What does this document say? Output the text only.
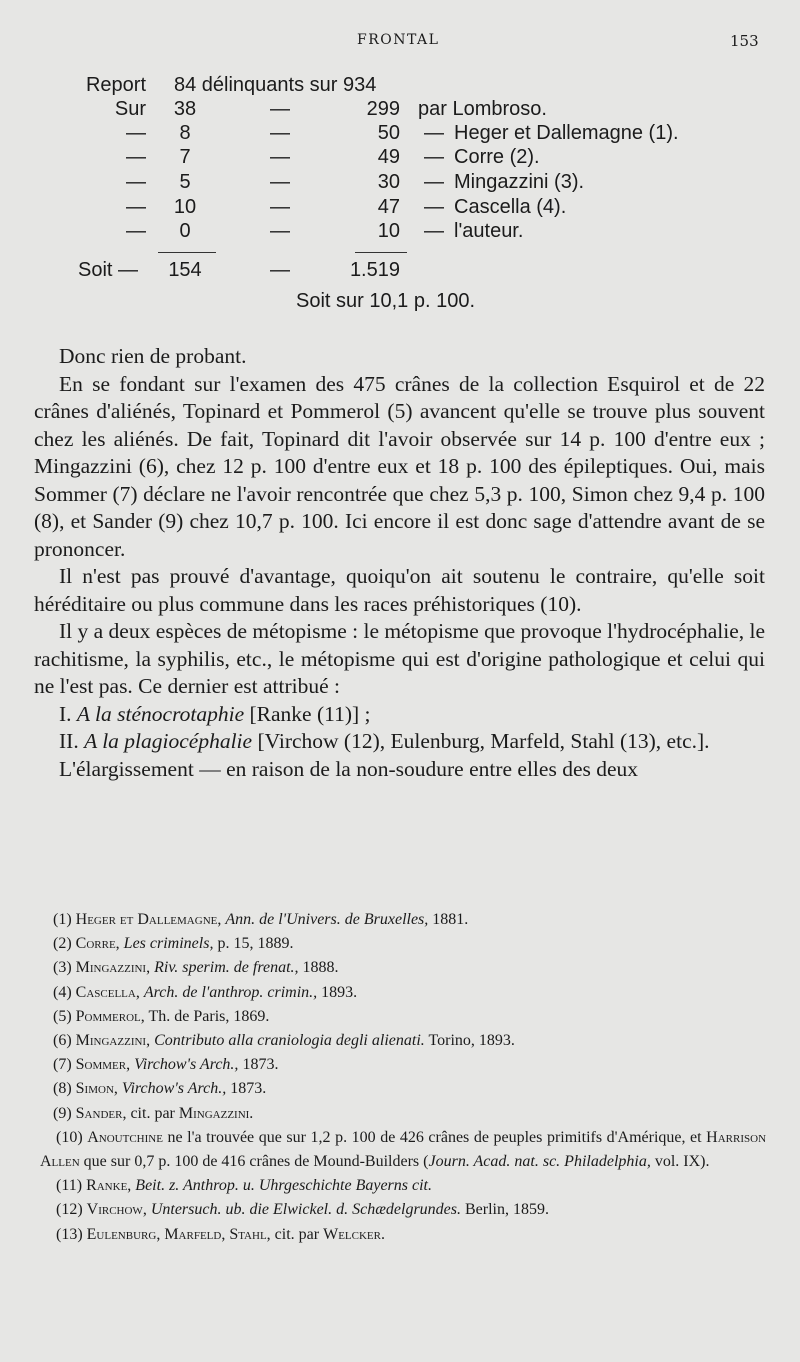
FRONTAL	153
Report 84 délinquants sur 934
Sur	38	—	299 par Lombroso.
—	8	—	50 — Heger et Dallemagne (1).
—	7	—	49 — Corre (2).
—	5	—	30 — Mingazzini (3).
—	10	—	47 — Cascella (4).
—	0	—	10 — l'auteur.
Soit —	154	—	1.519
Soit sur 10,1 p. 100.

Donc rien de probant.

En se fondant sur l'examen des 475 crânes de la collection Esquirol et de 22 crânes d'aliénés, Topinard et Pommerol (5) avancent qu'elle se trouve plus souvent chez les aliénés. De fait, Topinard dit l'avoir observée sur 14 p. 100 d'entre eux ; Mingazzini (6), chez 12 p. 100 d'entre eux et 18 p. 100 des épileptiques. Oui, mais Sommer (7) déclare ne l'avoir rencontrée que chez 5,3 p. 100, Simon chez 9,4 p. 100 (8), et Sander (9) chez 10,7 p. 100. Ici encore il est donc sage d'attendre avant de se prononcer.

Il n'est pas prouvé d'avantage, quoiqu'on ait soutenu le contraire, qu'elle soit héréditaire ou plus commune dans les races préhistoriques (10).

Il y a deux espèces de métopisme : le métopisme que provoque l'hydrocéphalie, le rachitisme, la syphilis, etc., le métopisme qui est d'origine pathologique et celui qui ne l'est pas. Ce dernier est attribué :

I. A la sténocrotaphie [Ranke (11)] ;

II. A la plagiocéphalie [Virchow (12), Eulenburg, Marfeld, Stahl (13), etc.].

L'élargissement — en raison de la non-soudure entre elles des deux

(1) Heger et Dallemagne, Ann. de l'Univers. de Bruxelles, 1881.

(2) Corre, Les criminels, p. 15, 1889.

(3) Mingazzini, Riv. sperim. de frenat., 1888.

(4) Cascella, Arch. de l'anthrop. crimin., 1893.

(5) Pommerol, Th. de Paris, 1869.

(6) Mingazzini, Contributo alla craniologia degli alienati. Torino, 1893.

(7) Sommer, Virchow's Arch., 1873.

(8) Simon, Virchow's Arch., 1873.

(9) Sander, cit. par Mingazzini.

(10) Anoutchine ne l'a trouvée que sur 1,2 p. 100 de 426 crânes de peuples primitifs d'Amérique, et Harrison Allen que sur 0,7 p. 100 de 416 crânes de Mound-Builders (Journ. Acad. nat. sc. Philadelphia, vol. IX).

(11) Ranke, Beit. z. Anthrop. u. Uhrgeschichte Bayerns cit.

(12) Virchow, Untersuch. ub. die Elwickel. d. Schædelgrundes. Berlin, 1859.

(13) Eulenburg, Marfeld, Stahl, cit. par Welcker.
